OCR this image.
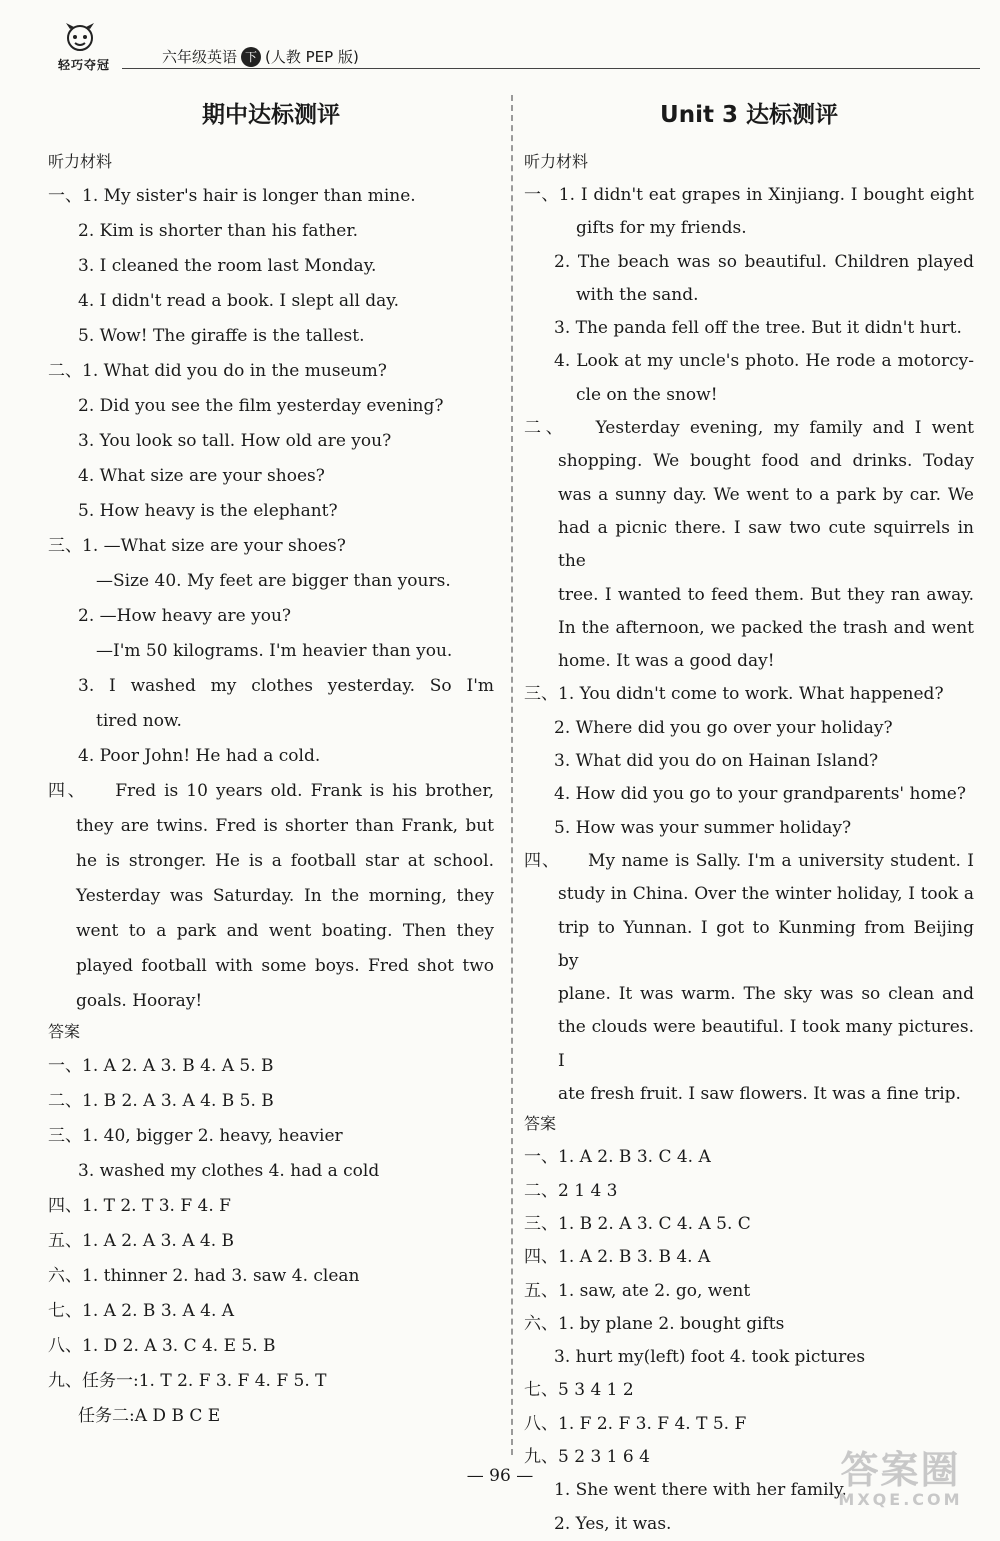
轻巧夺冠	六年级英语 下 (人教 PEP 版)
期中达标测评
听力材料
一、1. My sister's hair is longer than mine.
2. Kim is shorter than his father.
3. I cleaned the room last Monday.
4. I didn't read a book. I slept all day.
5. Wow! The giraffe is the tallest.
二、1. What did you do in the museum?
2. Did you see the film yesterday evening?
3. You look so tall. How old are you?
4. What size are your shoes?
5. How heavy is the elephant?
三、1. —What size are your shoes?
—Size 40. My feet are bigger than yours.
2. —How heavy are you?
—I'm 50 kilograms. I'm heavier than you.
3. I washed my clothes yesterday. So I'm
tired now.
4. Poor John! He had a cold.
四、 Fred is 10 years old. Frank is his brother,
they are twins. Fred is shorter than Frank, but
he is stronger. He is a football star at school.
Yesterday was Saturday. In the morning, they
went to a park and went boating. Then they
played football with some boys. Fred shot two
goals. Hooray!
答案
一、1. A 2. A 3. B 4. A 5. B
二、1. B 2. A 3. A 4. B 5. B
三、1. 40, bigger 2. heavy, heavier
3. washed my clothes 4. had a cold
四、1. T 2. T 3. F 4. F
五、1. A 2. A 3. A 4. B
六、1. thinner 2. had 3. saw 4. clean
七、1. A 2. B 3. A 4. A
八、1. D 2. A 3. C 4. E 5. B
九、任务一:1. T 2. F 3. F 4. F 5. T
任务二:A D B C E
Unit 3 达标测评
听力材料
一、1. I didn't eat grapes in Xinjiang. I bought eight
gifts for my friends.
2. The beach was so beautiful. Children played
with the sand.
3. The panda fell off the tree. But it didn't hurt.
4. Look at my uncle's photo. He rode a motorcy-
cle on the snow!
二、 Yesterday evening, my family and I went
shopping. We bought food and drinks. Today
was a sunny day. We went to a park by car. We
had a picnic there. I saw two cute squirrels in the
tree. I wanted to feed them. But they ran away.
In the afternoon, we packed the trash and went
home. It was a good day!
三、1. You didn't come to work. What happened?
2. Where did you go over your holiday?
3. What did you do on Hainan Island?
4. How did you go to your grandparents' home?
5. How was your summer holiday?
四、 My name is Sally. I'm a university student. I
study in China. Over the winter holiday, I took a
trip to Yunnan. I got to Kunming from Beijing by
plane. It was warm. The sky was so clean and
the clouds were beautiful. I took many pictures. I
ate fresh fruit. I saw flowers. It was a fine trip.
答案
一、1. A 2. B 3. C 4. A
二、2 1 4 3
三、1. B 2. A 3. C 4. A 5. C
四、1. A 2. B 3. B 4. A
五、1. saw, ate 2. go, went
六、1. by plane 2. bought gifts
3. hurt my(left) foot 4. took pictures
七、5 3 4 1 2
八、1. F 2. F 3. F 4. T 5. F
九、5 2 3 1 6 4
1. She went there with her family.
2. Yes, it was.
— 96 —	答案圈
MXQE.COM
